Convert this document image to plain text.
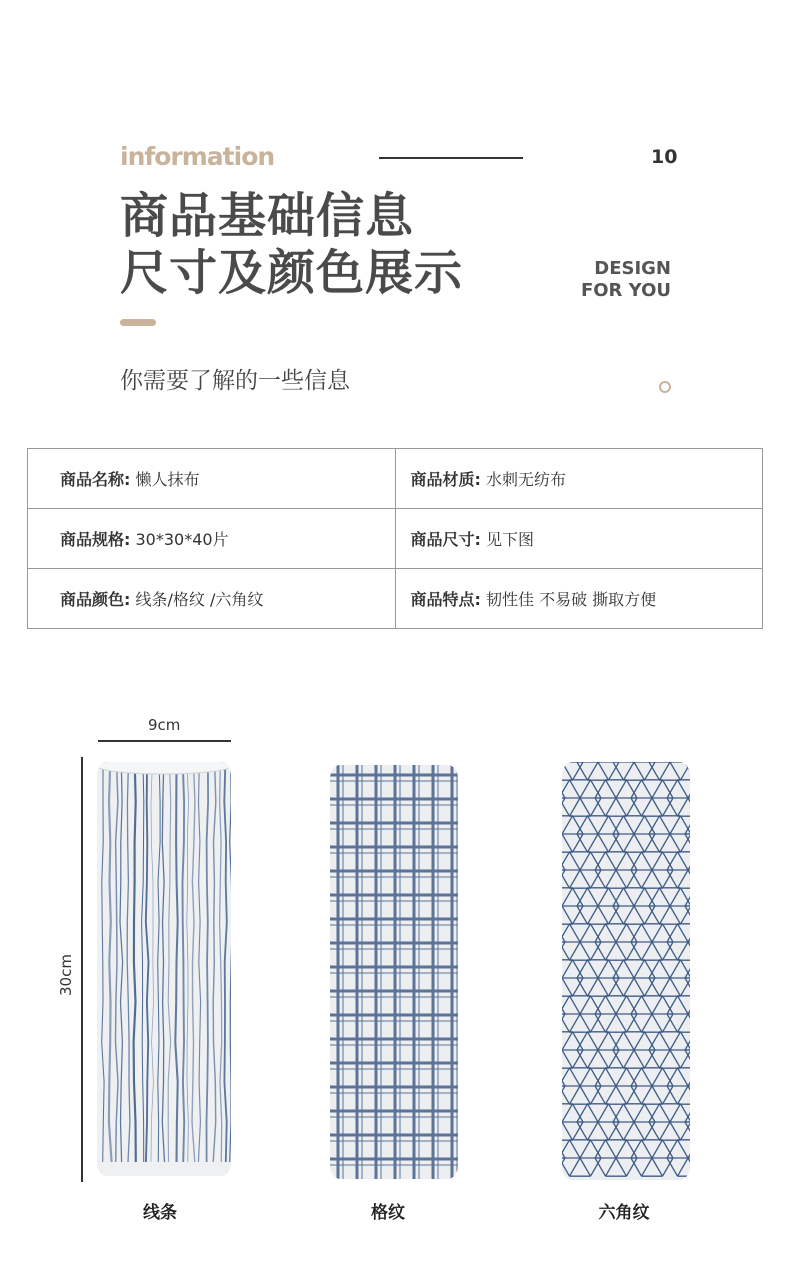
information	10
商品基础信息
尺寸及颜色展示	DESIGN
FOR YOU
你需要了解的一些信息
商品名称: 懒人抹布	商品材质: 水刺无纺布
商品规格: 30*30*40片	商品尺寸: 见下图
商品颜色: 线条/格纹 /六角纹	商品特点: 韧性佳 不易破 撕取方便
9cm
30cm
线条	格纹	六角纹
